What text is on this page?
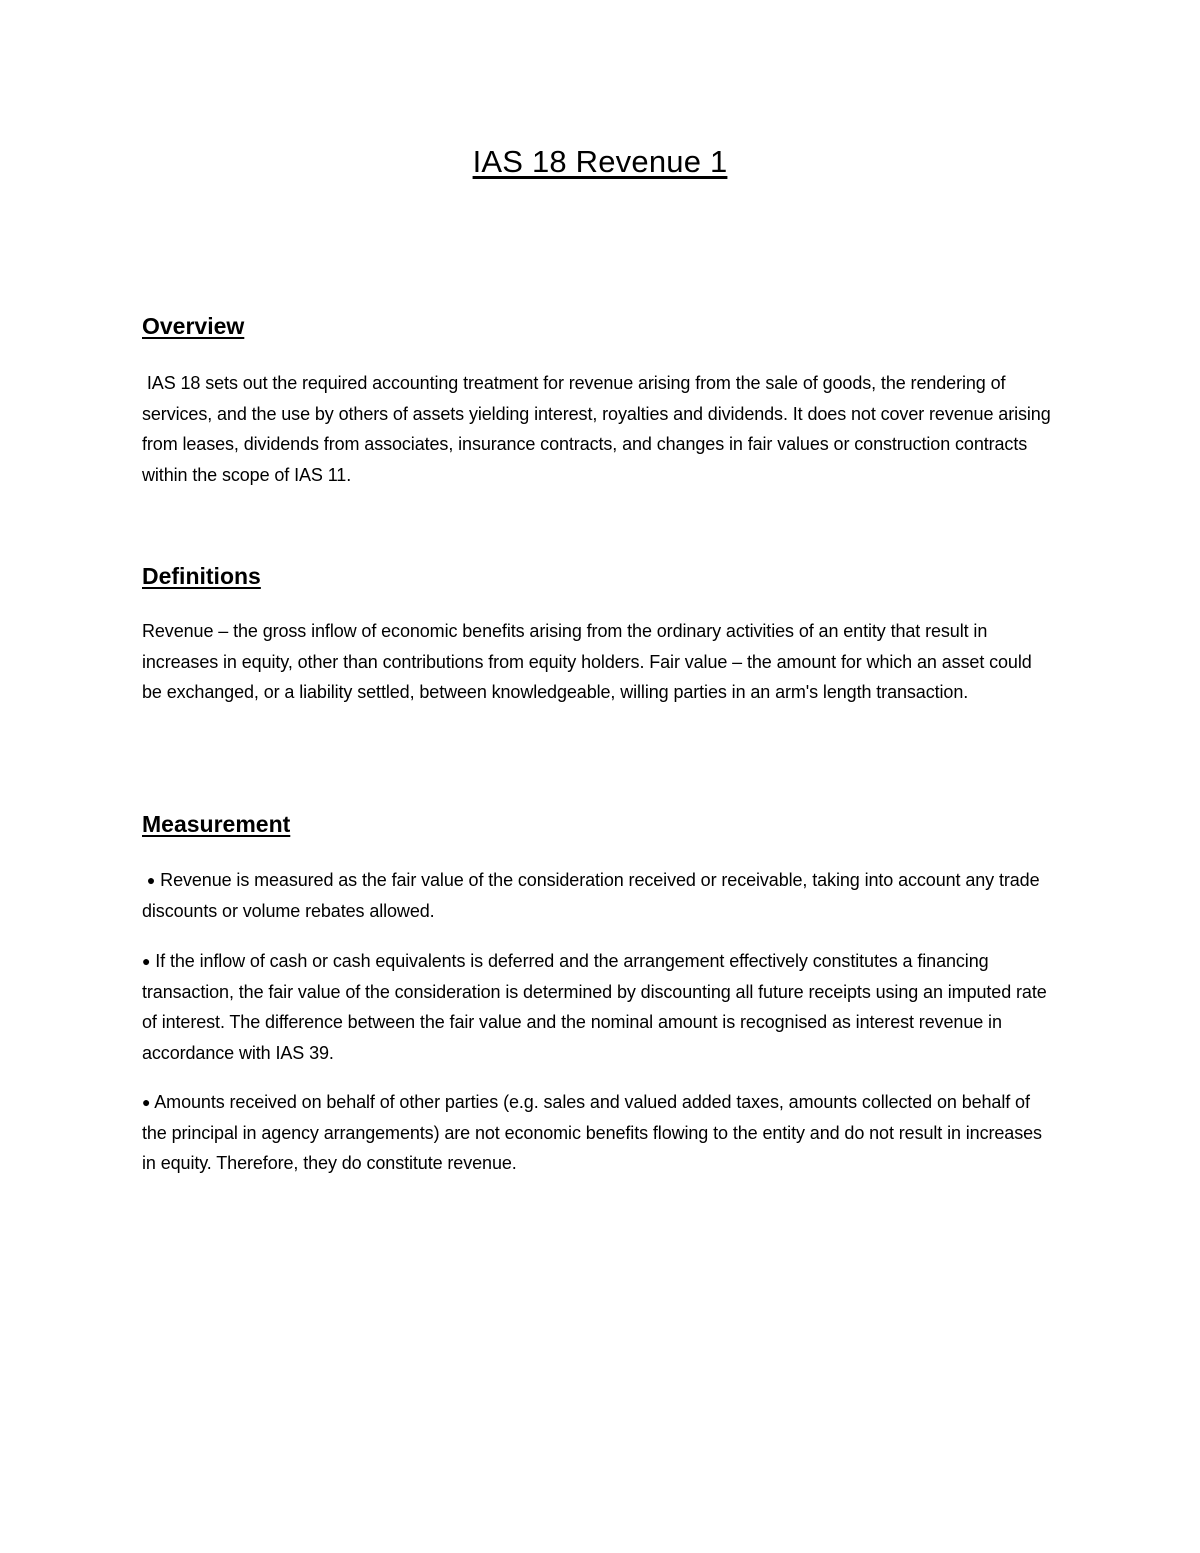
IAS 18 Revenue 1
Overview

IAS 18 sets out the required accounting treatment for revenue arising from the sale of goods, the rendering of services, and the use by others of assets yielding interest, royalties and dividends. It does not cover revenue arising from leases, dividends from associates, insurance contracts, and changes in fair values or construction contracts within the scope of IAS 11.

Definitions

Revenue – the gross inflow of economic benefits arising from the ordinary activities of an entity that result in increases in equity, other than contributions from equity holders. Fair value – the amount for which an asset could be exchanged, or a liability settled, between knowledgeable, willing parties in an arm's length transaction.

Measurement

● Revenue is measured as the fair value of the consideration received or receivable, taking into account any trade discounts or volume rebates allowed.

● If the inflow of cash or cash equivalents is deferred and the arrangement effectively constitutes a financing transaction, the fair value of the consideration is determined by discounting all future receipts using an imputed rate of interest. The difference between the fair value and the nominal amount is recognised as interest revenue in accordance with IAS 39.

● Amounts received on behalf of other parties (e.g. sales and valued added taxes, amounts collected on behalf of the principal in agency arrangements) are not economic benefits flowing to the entity and do not result in increases in equity. Therefore, they do constitute revenue.
